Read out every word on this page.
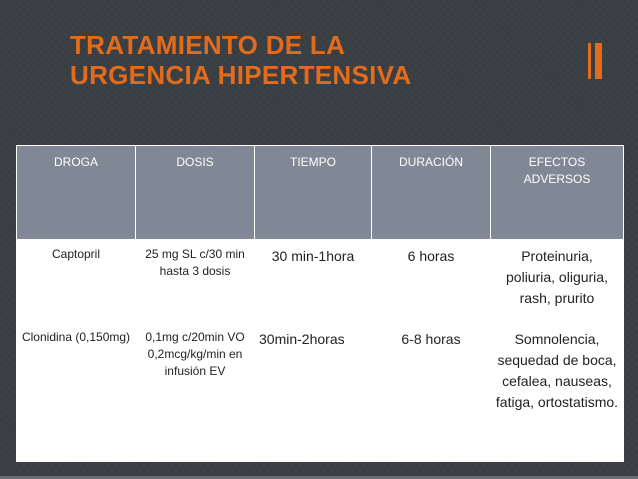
TRATAMIENTO DE LA
URGENCIA HIPERTENSIVA
DROGA	DOSIS	TIEMPO	DURACIÓN	EFECTOS ADVERSOS
Captopril	25 mg SL c/30 min hasta 3 dosis	30 min-1hora	6 horas	Proteinuria, poliuria, oliguria, rash, prurito
Clonidina (0,150mg)	0,1mg c/20min VO 0,2mcg/kg/min en infusión EV	30min-2horas	6-8 horas	Somnolencia, sequedad de boca, cefalea, nauseas, fatiga, ortostatismo.
